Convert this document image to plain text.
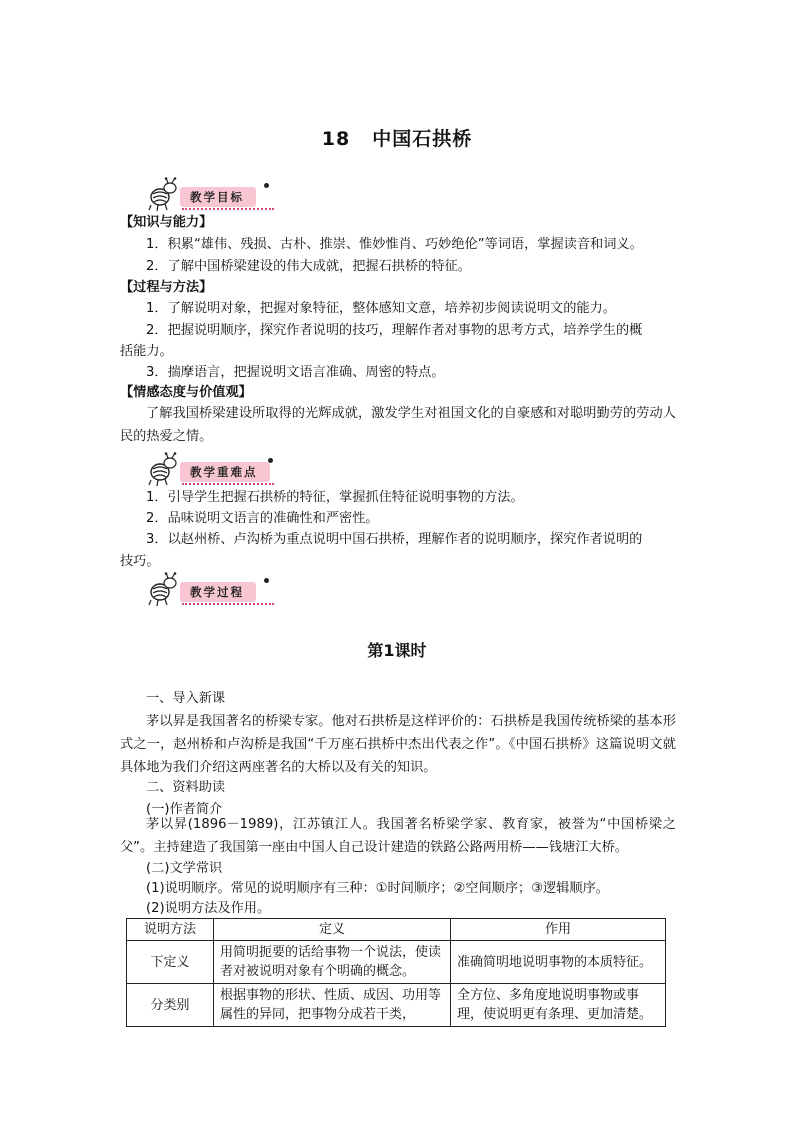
18 中国石拱桥
教学目标
【知识与能力】
1．积累“雄伟、残损、古朴、推崇、惟妙惟肖、巧妙绝伦”等词语，掌握读音和词义。
2．了解中国桥梁建设的伟大成就，把握石拱桥的特征。
【过程与方法】
1．了解说明对象，把握对象特征，整体感知文意，培养初步阅读说明文的能力。
2．把握说明顺序，探究作者说明的技巧，理解作者对事物的思考方式，培养学生的概
括能力。
3．揣摩语言，把握说明文语言准确、周密的特点。
【情感态度与价值观】
了解我国桥梁建设所取得的光辉成就，激发学生对祖国文化的自豪感和对聪明勤劳的劳动人民的热爱之情。
教学重难点
1．引导学生把握石拱桥的特征，掌握抓住特征说明事物的方法。
2．品味说明文语言的准确性和严密性。
3．以赵州桥、卢沟桥为重点说明中国石拱桥，理解作者的说明顺序，探究作者说明的
技巧。
教学过程
第1课时
一、导入新课
茅以昇是我国著名的桥梁专家。他对石拱桥是这样评价的：石拱桥是我国传统桥梁的基本形式之一，赵州桥和卢沟桥是我国“千万座石拱桥中杰出代表之作”。《中国石拱桥》这篇说明文就具体地为我们介绍这两座著名的大桥以及有关的知识。
二、资料助读
(一)作者简介
茅以昇(1896－1989)，江苏镇江人。我国著名桥梁学家、教育家，被誉为“中国桥梁之父”。主持建造了我国第一座由中国人自己设计建造的铁路公路两用桥——钱塘江大桥。
(二)文学常识
(1)说明顺序。常见的说明顺序有三种：①时间顺序；②空间顺序；③逻辑顺序。
(2)说明方法及作用。
说明方法	定义	作用
下定义	用简明扼要的话给事物一个说法，使读者对被说明对象有个明确的概念。	准确简明地说明事物的本质特征。
分类别	根据事物的形状、性质、成因、功用等属性的异同，把事物分成若干类，	全方位、多角度地说明事物或事理，使说明更有条理、更加清楚。
